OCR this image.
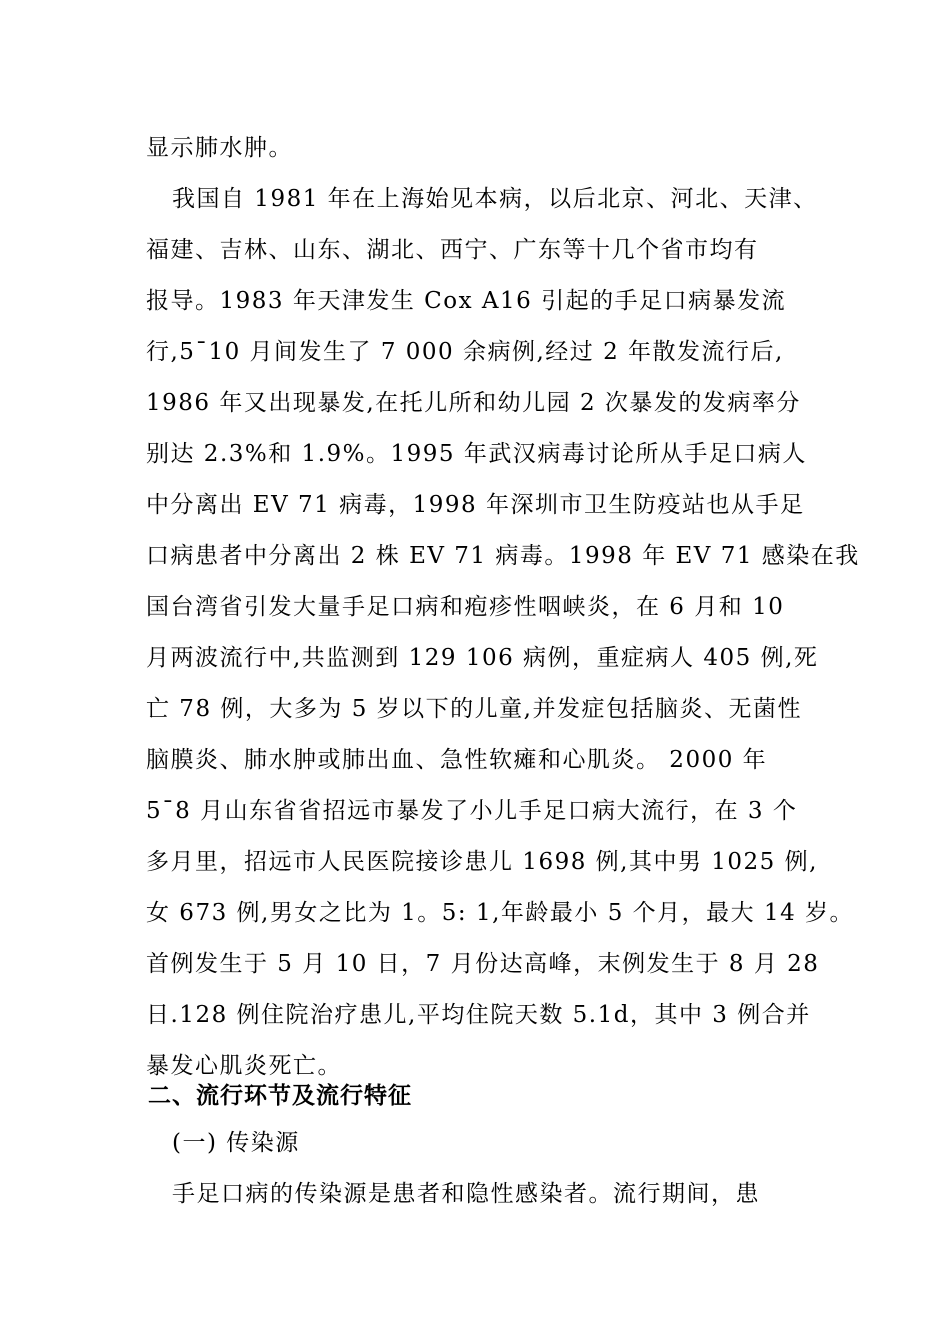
显示肺水肿。
我国自 1981 年在上海始见本病，以后北京、河北、天津、
福建、吉林、山东、湖北、西宁、广东等十几个省市均有
报导。1983 年天津发生 Cox A16 引起的手足口病暴发流
行,5¯10 月间发生了 7 000 余病例,经过 2 年散发流行后,
1986 年又出现暴发,在托儿所和幼儿园 2 次暴发的发病率分
别达 2.3%和 1.9%。1995 年武汉病毒讨论所从手足口病人
中分离出 EV 71 病毒，1998 年深圳市卫生防疫站也从手足
口病患者中分离出 2 株 EV 71 病毒。1998 年 EV 71 感染在我
国台湾省引发大量手足口病和疱疹性咽峡炎，在 6 月和 10
月两波流行中,共监测到 129 106 病例，重症病人 405 例,死
亡 78 例，大多为 5 岁以下的儿童,并发症包括脑炎、无菌性
脑膜炎、肺水肿或肺出血、急性软瘫和心肌炎。 2000 年
5¯8 月山东省省招远市暴发了小儿手足口病大流行，在 3 个
多月里，招远市人民医院接诊患儿 1698 例,其中男 1025 例,
女 673 例,男女之比为 1。5: 1,年龄最小 5 个月，最大 14 岁。
首例发生于 5 月 10 日，7 月份达高峰，末例发生于 8 月 28
日.128 例住院治疗患儿,平均住院天数 5.1d，其中 3 例合并
暴发心肌炎死亡。
二、流行环节及流行特征
(一) 传染源
手足口病的传染源是患者和隐性感染者。流行期间，患
